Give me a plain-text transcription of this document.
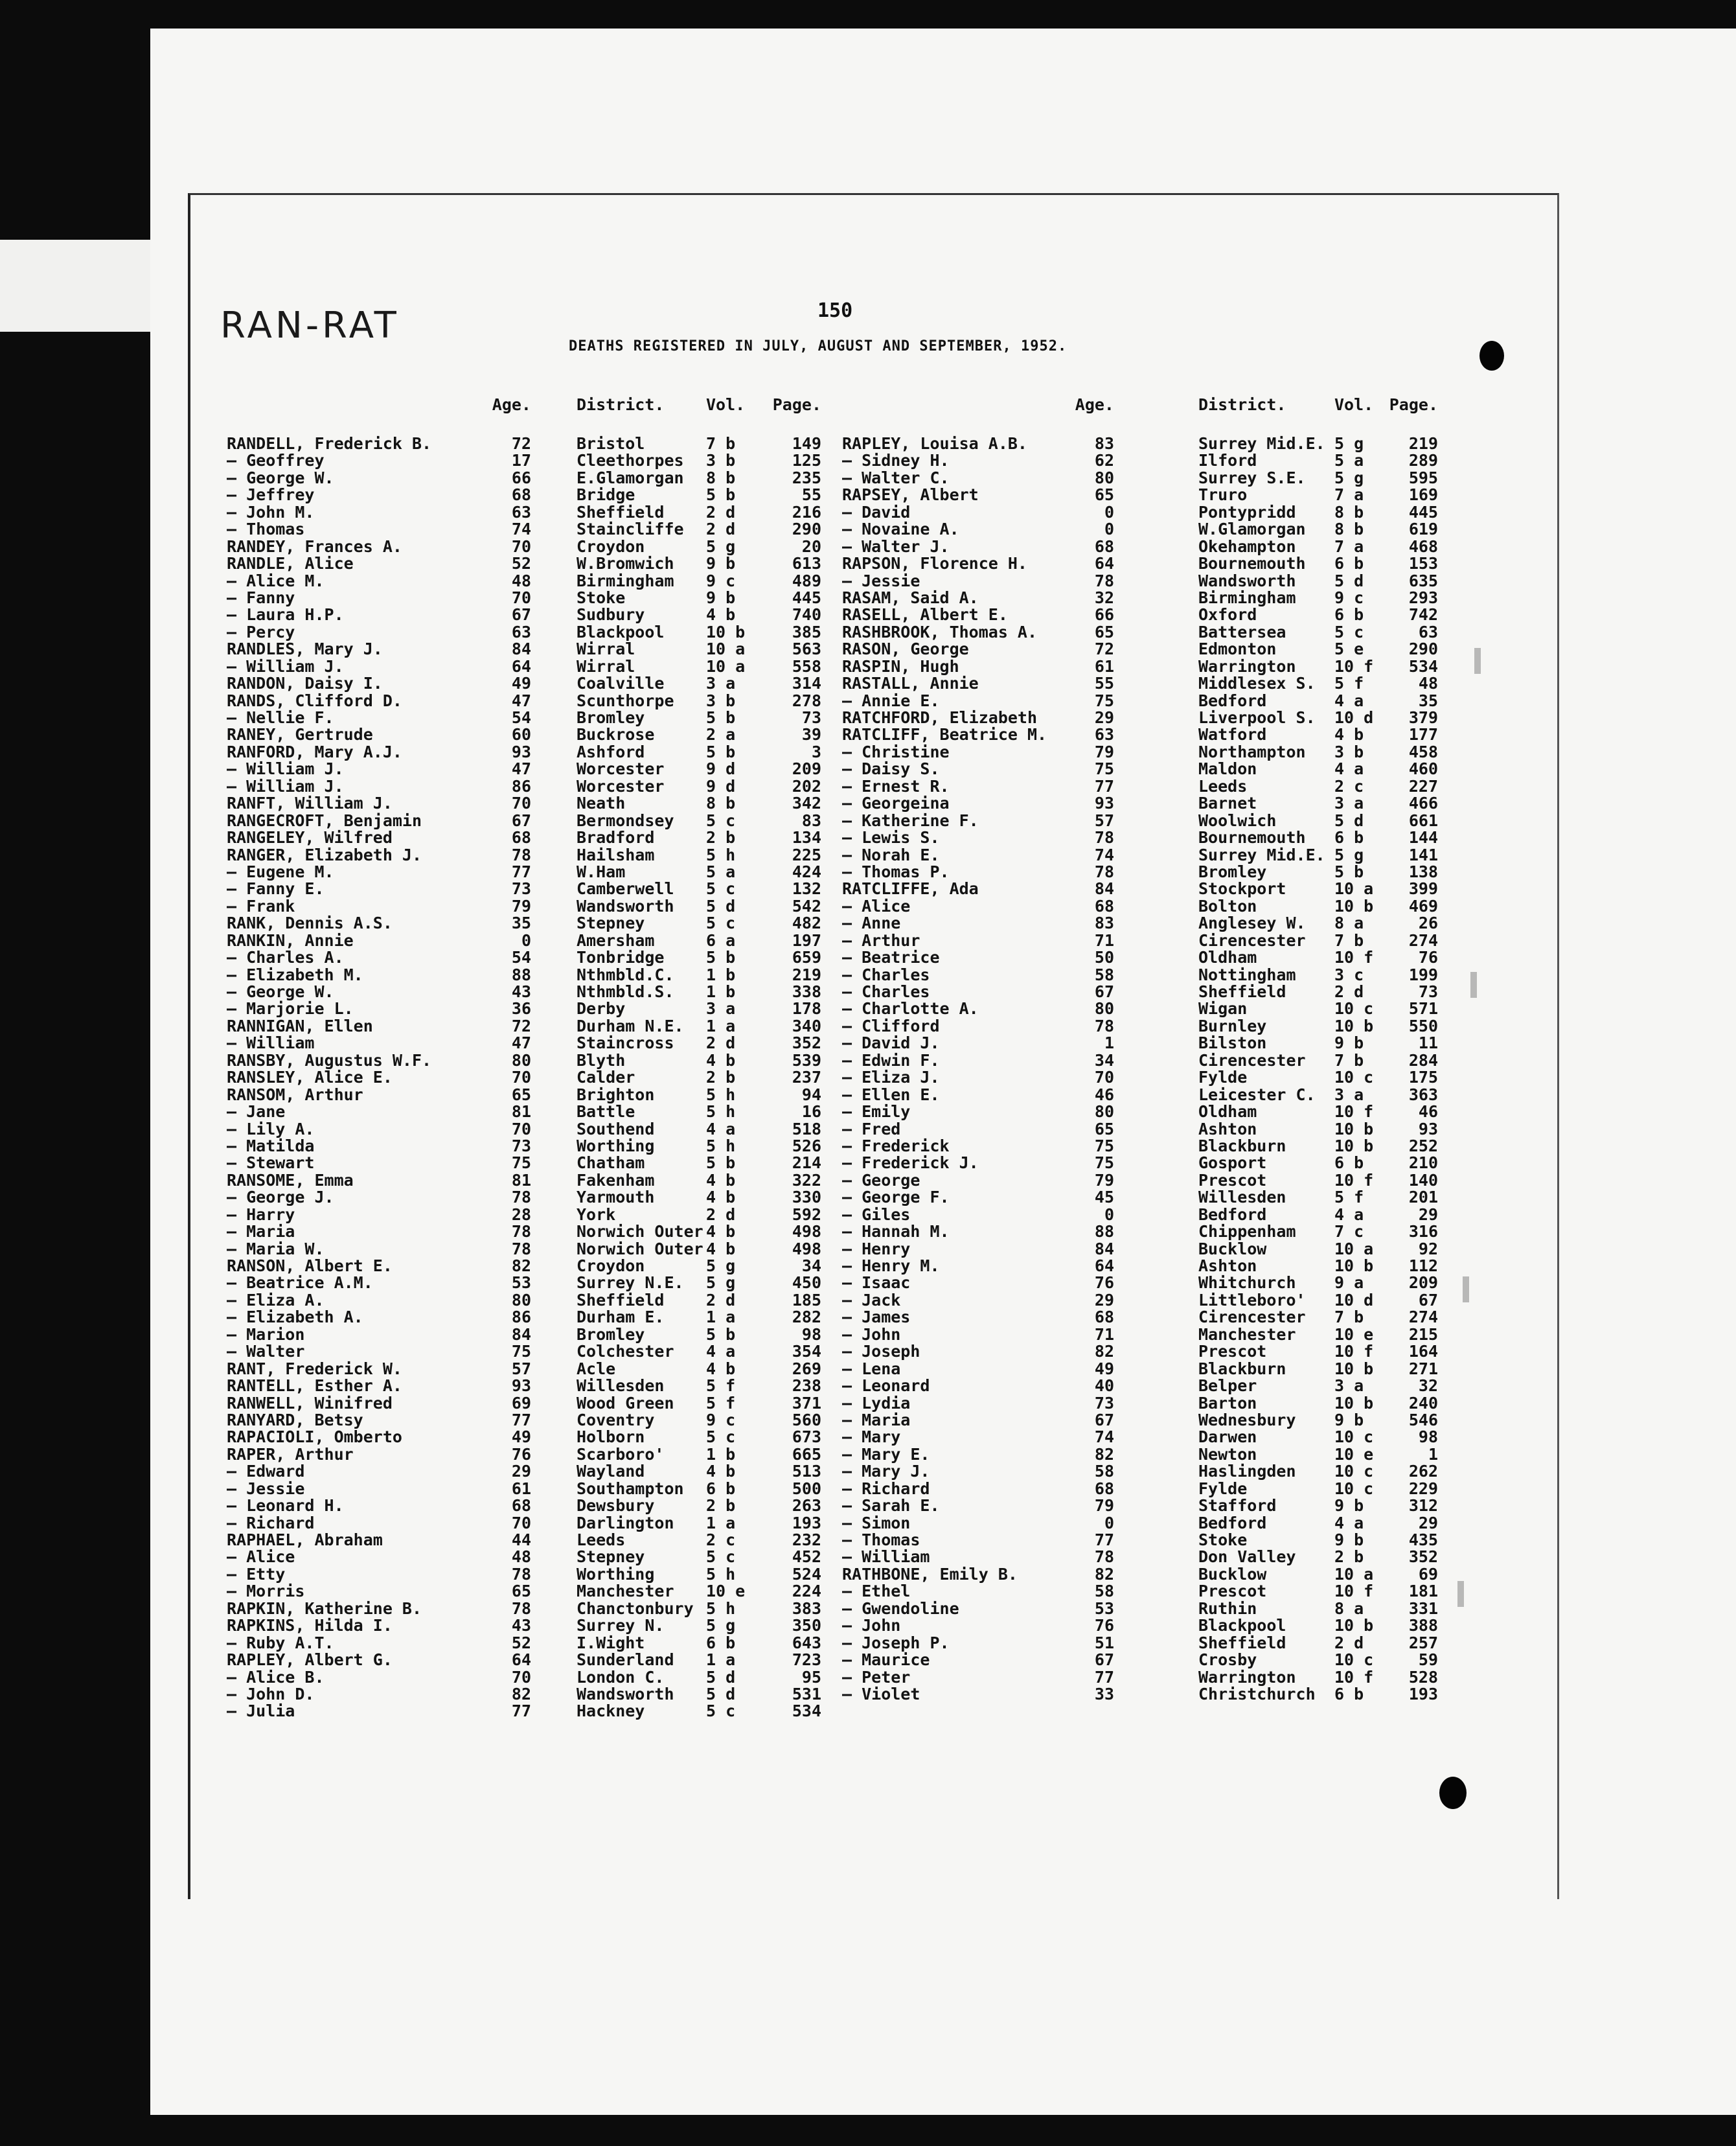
RAN-RAT	150
DEATHS REGISTERED IN JULY, AUGUST AND SEPTEMBER, 1952.
Age.	District.	Vol.	Page.
RANDELL, Frederick B.	72	Bristol	7 b	149
— Geoffrey	17	Cleethorpes 3 b	125
— George W.	66	E.Glamorgan 8 b	235
— Jeffrey	68	Bridge	5 b	55
— John M.	63	Sheffield	2 d	216
— Thomas	74	Staincliffe 2 d	290
RANDEY, Frances A.	70	Croydon	5 g	20
RANDLE, Alice	52	W.Bromwich 9 b	613
— Alice M.	48	Birmingham 9 c	489
— Fanny	70	Stoke	9 b	445
— Laura H.P.	67	Sudbury	4 b	740
— Percy	63	Blackpool	10 b	385
RANDLES, Mary J.	84	Wirral	10 a	563
— William J.	64	Wirral	10 a	558
RANDON, Daisy I.	49	Coalville	3 a	314
RANDS, Clifford D.	47	Scunthorpe 3 b	278
— Nellie F.	54	Bromley	5 b	73
RANEY, Gertrude	60	Buckrose	2 a	39
RANFORD, Mary A.J.	93	Ashford	5 b	3
— William J.	47	Worcester	9 d	209
— William J.	86	Worcester	9 d	202
RANFT, William J.	70	Neath	8 b	342
RANGECROFT, Benjamin	67	Bermondsey 5 c	83
RANGELEY, Wilfred	68	Bradford	2 b	134
RANGER, Elizabeth J.	78	Hailsham	5 h	225
— Eugene M.	77	W.Ham	5 a	424
— Fanny E.	73	Camberwell 5 c	132
— Frank	79	Wandsworth 5 d	542
RANK, Dennis A.S.	35	Stepney	5 c	482
RANKIN, Annie	0	Amersham	6 a	197
— Charles A.	54	Tonbridge	5 b	659
— Elizabeth M.	88	Nthmbld.C. 1 b	219
— George W.	43	Nthmbld.S. 1 b	338
— Marjorie L.	36	Derby	3 a	178
RANNIGAN, Ellen	72	Durham N.E. 1 a	340
— William	47	Staincross 2 d	352
RANSBY, Augustus W.F.	80	Blyth	4 b	539
RANSLEY, Alice E.	70	Calder	2 b	237
RANSOM, Arthur	65	Brighton	5 h	94
— Jane	81	Battle	5 h	16
— Lily A.	70	Southend	4 a	518
— Matilda	73	Worthing	5 h	526
— Stewart	75	Chatham	5 b	214
RANSOME, Emma	81	Fakenham	4 b	322
— George J.	78	Yarmouth	4 b	330
— Harry	28	York	2 d	592
— Maria	78	Norwich Outer 4 b	498
— Maria W.	78	Norwich Outer 4 b	498
RANSON, Albert E.	82	Croydon	5 g	34
— Beatrice A.M.	53	Surrey N.E. 5 g	450
— Eliza A.	80	Sheffield	2 d	185
— Elizabeth A.	86	Durham E.	1 a	282
— Marion	84	Bromley	5 b	98
— Walter	75	Colchester 4 a	354
RANT, Frederick W.	57	Acle	4 b	269
RANTELL, Esther A.	93	Willesden	5 f	238
RANWELL, Winifred	69	Wood Green 5 f	371
RANYARD, Betsy	77	Coventry	9 c	560
RAPACIOLI, Omberto	49	Holborn	5 c	673
RAPER, Arthur	76	Scarboro'	1 b	665
— Edward	29	Wayland	4 b	513
— Jessie	61	Southampton 6 b	500
— Leonard H.	68	Dewsbury	2 b	263
— Richard	70	Darlington 1 a	193
RAPHAEL, Abraham	44	Leeds	2 c	232
— Alice	48	Stepney	5 c	452
— Etty	78	Worthing	5 h	524
— Morris	65	Manchester 10 e	224
RAPKIN, Katherine B.	78	Chanctonbury 5 h	383
RAPKINS, Hilda I.	43	Surrey N.	5 g	350
— Ruby A.T.	52	I.Wight	6 b	643
RAPLEY, Albert G.	64	Sunderland 1 a	723
— Alice B.	70	London C.	5 d	95
— John D.	82	Wandsworth 5 d	531
— Julia	77	Hackney	5 c	534
Age.	District.	Vol. Page.
RAPLEY, Louisa A.B.	83	Surrey Mid.E. 5 g	219
— Sidney H.	62	Ilford	5 a	289
— Walter C.	80	Surrey S.E. 5 g	595
RAPSEY, Albert	65	Truro	7 a	169
— David	0	Pontypridd 8 b	445
— Novaine A.	0	W.Glamorgan 8 b	619
— Walter J.	68	Okehampton 7 a	468
RAPSON, Florence H.	64	Bournemouth 6 b	153
— Jessie	78	Wandsworth 5 d	635
RASAM, Said A.	32	Birmingham 9 c	293
RASELL, Albert E.	66	Oxford	6 b	742
RASHBROOK, Thomas A.	65	Battersea	5 c	63
RASON, George	72	Edmonton	5 e	290
RASPIN, Hugh	61	Warrington 10 f	534
RASTALL, Annie	55	Middlesex S. 5 f	48
— Annie E.	75	Bedford	4 a	35
RATCHFORD, Elizabeth	29	Liverpool S. 10 d	379
RATCLIFF, Beatrice M.	63	Watford	4 b	177
— Christine	79	Northampton 3 b	458
— Daisy S.	75	Maldon	4 a	460
— Ernest R.	77	Leeds	2 c	227
— Georgeina	93	Barnet	3 a	466
— Katherine F.	57	Woolwich	5 d	661
— Lewis S.	78	Bournemouth 6 b	144
— Norah E.	74	Surrey Mid.E. 5 g	141
— Thomas P.	78	Bromley	5 b	138
RATCLIFFE, Ada	84	Stockport	10 a	399
— Alice	68	Bolton	10 b	469
— Anne	83	Anglesey W. 8 a	26
— Arthur	71	Cirencester 7 b	274
— Beatrice	50	Oldham	10 f	76
— Charles	58	Nottingham 3 c	199
— Charles	67	Sheffield	2 d	73
— Charlotte A.	80	Wigan	10 c	571
— Clifford	78	Burnley	10 b	550
— David J.	1	Bilston	9 b	11
— Edwin F.	34	Cirencester 7 b	284
— Eliza J.	70	Fylde	10 c	175
— Ellen E.	46	Leicester C. 3 a	363
— Emily	80	Oldham	10 f	46
— Fred	65	Ashton	10 b	93
— Frederick	75	Blackburn	10 b	252
— Frederick J.	75	Gosport	6 b	210
— George	79	Prescot	10 f	140
— George F.	45	Willesden	5 f	201
— Giles	0	Bedford	4 a	29
— Hannah M.	88	Chippenham 7 c	316
— Henry	84	Bucklow	10 a	92
— Henry M.	64	Ashton	10 b	112
— Isaac	76	Whitchurch 9 a	209
— Jack	29	Littleboro' 10 d	67
— James	68	Cirencester 7 b	274
— John	71	Manchester 10 e	215
— Joseph	82	Prescot	10 f	164
— Lena	49	Blackburn	10 b	271
— Leonard	40	Belper	3 a	32
— Lydia	73	Barton	10 b	240
— Maria	67	Wednesbury 9 b	546
— Mary	74	Darwen	10 c	98
— Mary E.	82	Newton	10 e	1
— Mary J.	58	Haslingden 10 c	262
— Richard	68	Fylde	10 c	229
— Sarah E.	79	Stafford	9 b	312
— Simon	0	Bedford	4 a	29
— Thomas	77	Stoke	9 b	435
— William	78	Don Valley 2 b	352
RATHBONE, Emily B.	82	Bucklow	10 a	69
— Ethel	58	Prescot	10 f	181
— Gwendoline	53	Ruthin	8 a	331
— John	76	Blackpool	10 b	388
— Joseph P.	51	Sheffield	2 d	257
— Maurice	67	Crosby	10 c	59
— Peter	77	Warrington 10 f	528
— Violet	33	Christchurch 6 b	193
